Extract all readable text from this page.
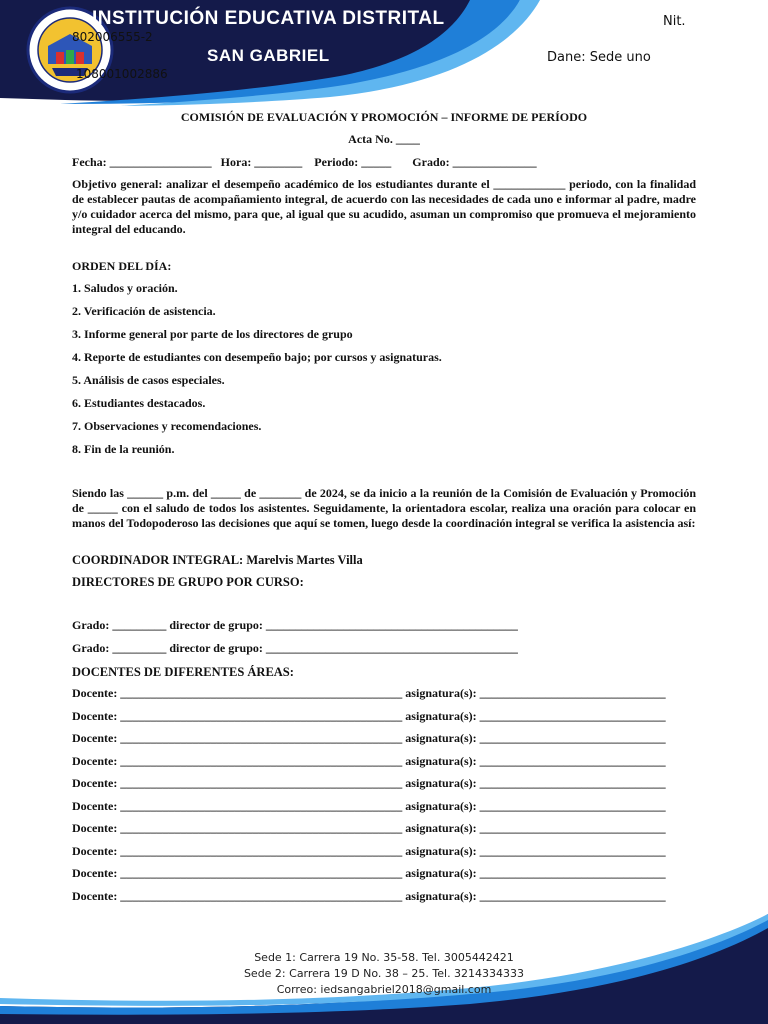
INSTITUCIÓN EDUCATIVA DISTRITAL
802006555-2
SAN GABRIEL
108001002886
Nit.
Dane: Sede uno
COMISIÓN DE EVALUACIÓN Y PROMOCIÓN – INFORME DE PERÍODO
Acta No. ____
Fecha: _________________   Hora: ________    Periodo: _____       Grado: ______________
Objetivo general: analizar el desempeño académico de los estudiantes durante el ____________ periodo, con la finalidad de establecer pautas de acompañamiento integral, de acuerdo con las necesidades de cada uno e informar al padre, madre y/o cuidador acerca del mismo, para que, al igual que su acudido, asuman un compromiso que promueva el mejoramiento integral del educando.
ORDEN DEL DÍA:
1. Saludos y oración.
2. Verificación de asistencia.
3. Informe general por parte de los directores de grupo
4. Reporte de estudiantes con desempeño bajo; por cursos y asignaturas.
5. Análisis de casos especiales.
6. Estudiantes destacados.
7. Observaciones y recomendaciones.
8. Fin de la reunión.
Siendo las ______ p.m. del _____ de _______ de 2024, se da inicio a la reunión de la Comisión de Evaluación y Promoción de _____ con el saludo de todos los asistentes. Seguidamente, la orientadora escolar, realiza una oración para colocar en manos del Todopoderoso las decisiones que aquí se tomen, luego desde la coordinación integral se verifica la asistencia así:
COORDINADOR INTEGRAL: Marelvis Martes Villa
DIRECTORES DE GRUPO POR CURSO:
Grado: _________ director de grupo: __________________________________________
Grado: _________ director de grupo: __________________________________________
DOCENTES DE DIFERENTES ÁREAS:
Docente: _______________________________________________ asignatura(s): _______________________________
Docente: _______________________________________________ asignatura(s): _______________________________
Docente: _______________________________________________ asignatura(s): _______________________________
Docente: _______________________________________________ asignatura(s): _______________________________
Docente: _______________________________________________ asignatura(s): _______________________________
Docente: _______________________________________________ asignatura(s): _______________________________
Docente: _______________________________________________ asignatura(s): _______________________________
Docente: _______________________________________________ asignatura(s): _______________________________
Docente: _______________________________________________ asignatura(s): _______________________________
Docente: _______________________________________________ asignatura(s): _______________________________
Sede 1: Carrera 19 No. 35-58. Tel. 3005442421
Sede 2: Carrera 19 D No. 38 – 25. Tel. 3214334333
Correo: iedsangabriel2018@gmail.com
